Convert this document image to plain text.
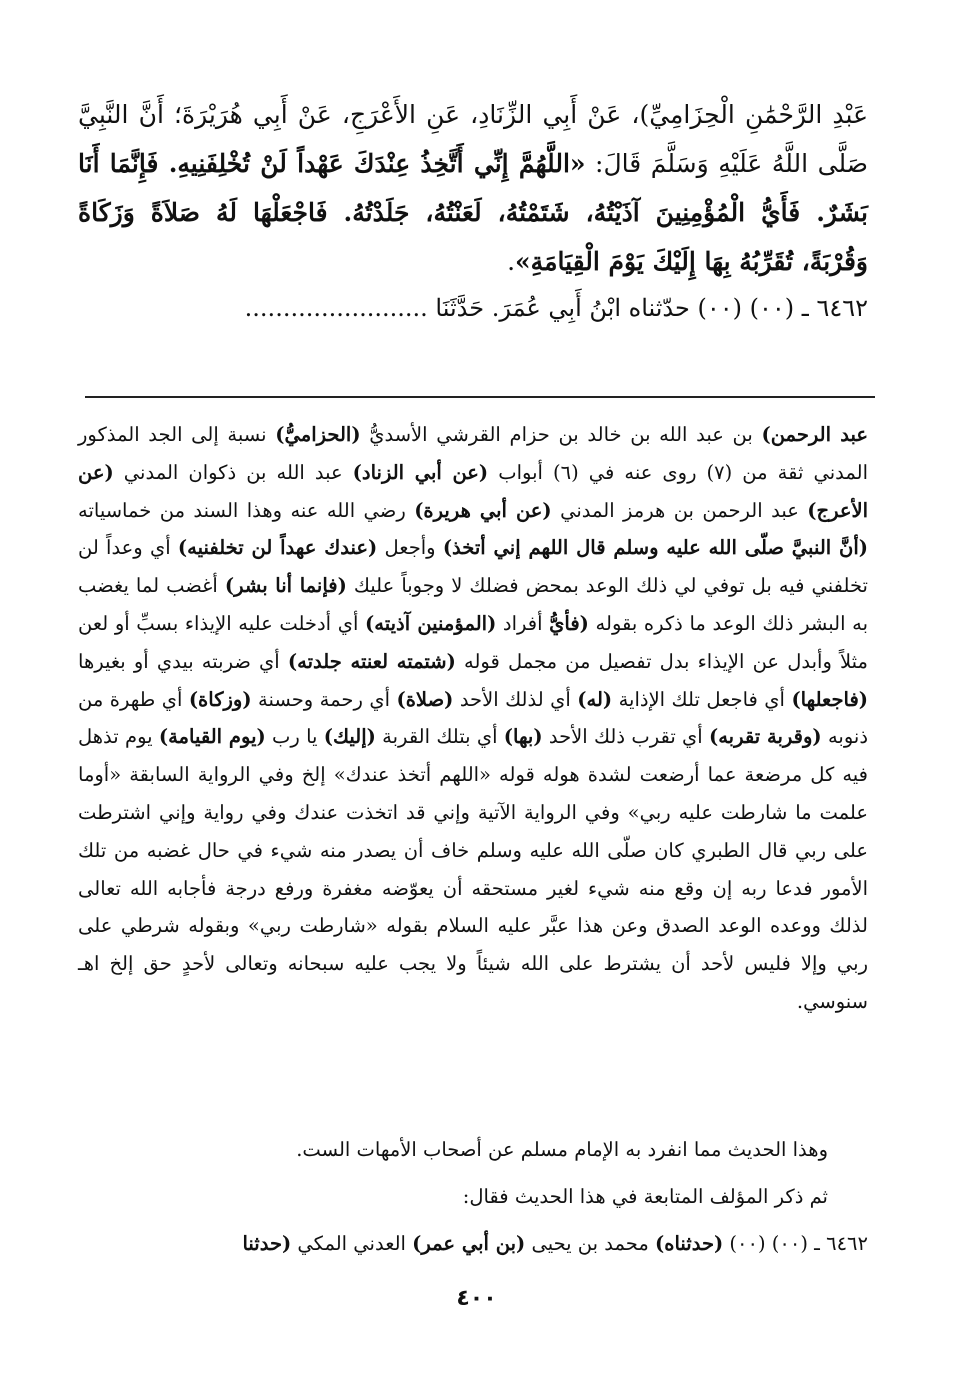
عَبْدِ الرَّحْمَٰنِ الْحِزَامِيِّ)، عَنْ أَبِي الزِّنَادِ، عَنِ الأَعْرَجِ، عَنْ أَبِي هُرَيْرَةَ؛ أَنَّ النَّبِيَّ صَلَّى اللَّهُ عَلَيْهِ وَسَلَّمَ قَالَ: «اللَّهُمَّ إِنِّي أَتَّخِذُ عِنْدَكَ عَهْداً لَنْ تُخْلِفَنِيهِ. فَإِنَّمَا أَنَا بَشَرٌ. فَأَيُّ الْمُؤْمِنِينَ آذَيْتُهُ، شَتَمْتُهُ، لَعَنْتُهُ، جَلَدْتُهُ. فَاجْعَلْهَا لَهُ صَلاَةً وَزَكَاةً وَقُرْبَةً، تُقَرِّبُهُ بِهَا إِلَيْكَ يَوْمَ الْقِيَامَةِ».
٦٤٦٢ ـ (٠٠) (٠٠) حدّثناه ابْنُ أَبِي عُمَرَ. حَدَّثَنَا ........................

عبد الرحمن) بن عبد الله بن خالد بن حزام القرشي الأسديُّ (الحزاميُّ) نسبة إلى الجد المذكور المدني ثقة من (٧) روى عنه في (٦) أبواب (عن أبي الزناد) عبد الله بن ذكوان المدني (عن الأعرج) عبد الرحمن بن هرمز المدني (عن أبي هريرة) رضي الله عنه وهذا السند من خماسياته (أنَّ النبيَّ صلّى الله عليه وسلم قال اللهم إني أتخذ) وأجعل (عندك عهداً لن تخلفنيه) أي وعداً لن تخلفني فيه بل توفي لي ذلك الوعد بمحض فضلك لا وجوباً عليك (فإنما أنا بشر) أغضب لما يغضب به البشر ذلك الوعد ما ذكره بقوله (فأيُّ أفراد (المؤمنين آذيته) أي أدخلت عليه الإيذاء بسبِّ أو لعن مثلاً وأبدل عن الإيذاء بدل تفصيل من مجمل قوله (شتمته لعنته جلدته) أي ضربته بيدي أو بغيرها (فاجعلها) أي فاجعل تلك الإذاية (له) أي لذلك الأحد (صلاة) أي رحمة وحسنة (وزكاة) أي طهرة من ذنوبه (وقربة تقربه) أي تقرب ذلك الأحد (بها) أي بتلك القربة (إليك) يا رب (يوم القيامة) يوم تذهل فيه كل مرضعة عما أرضعت لشدة هوله قوله «اللهم أتخذ عندك» إلخ وفي الرواية السابقة «أوما علمت ما شارطت عليه ربي» وفي الرواية الآتية وإني قد اتخذت عندك وفي رواية وإني اشترطت على ربي قال الطبري كان صلّى الله عليه وسلم خاف أن يصدر منه شيء في حال غضبه من تلك الأمور فدعا ربه إن وقع منه شيء لغير مستحقه أن يعوّضه مغفرة ورفع درجة فأجابه الله تعالى لذلك ووعده الوعد الصدق وعن هذا عبَّر عليه السلام بقوله «شارطت ربي» وبقوله شرطي على ربي وإلا فليس لأحد أن يشترط على الله شيئاً ولا يجب عليه سبحانه وتعالى لأحدٍ حق إلخ اهـ سنوسي.

وهذا الحديث مما انفرد به الإمام مسلم عن أصحاب الأمهات الست.

ثم ذكر المؤلف المتابعة في هذا الحديث فقال:

٦٤٦٢ ـ (٠٠) (٠٠) (حدثناه) محمد بن يحيى (بن أبي عمر) العدني المكي (حدثنا

٤٠٠
